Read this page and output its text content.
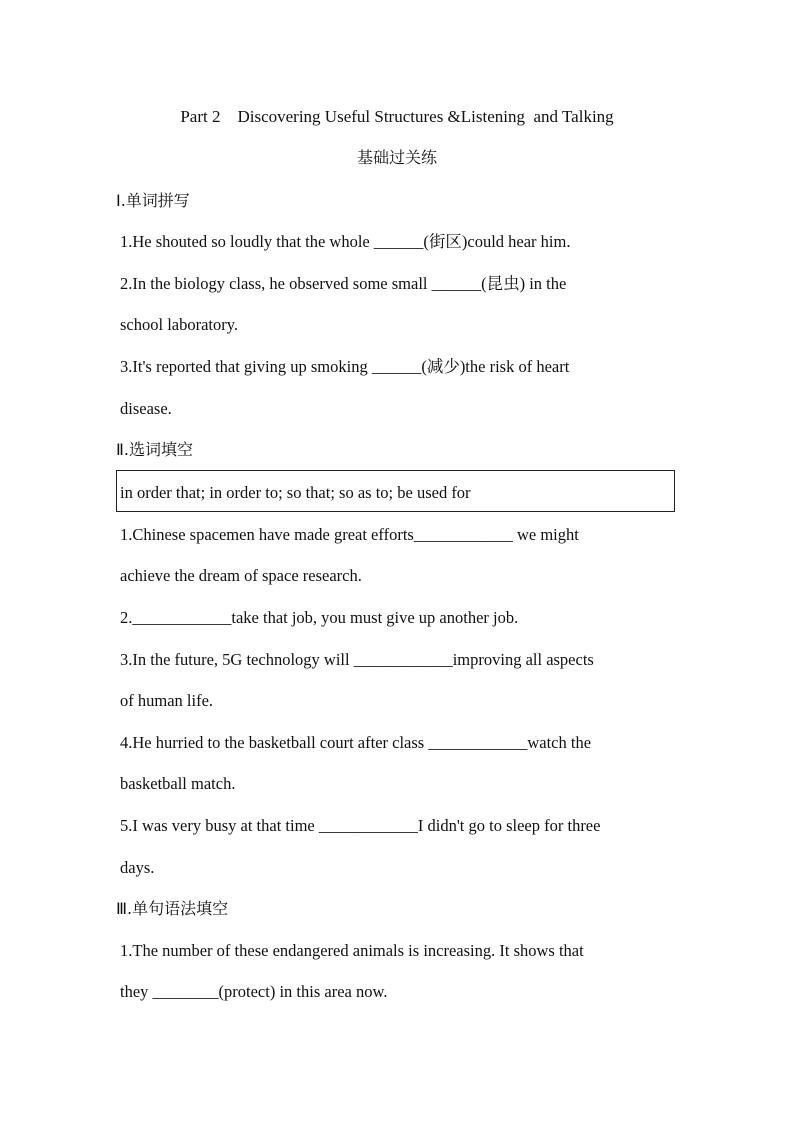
Part 2    Discovering Useful Structures &Listening  and Talking
基础过关练
Ⅰ.单词拼写
1.He shouted so loudly that the whole ______(街区)could hear him.
2.In the biology class, he observed some small ______(昆虫) in the
school laboratory.
3.It's reported that giving up smoking ______(减少)the risk of heart
disease.
Ⅱ.选词填空
in order that; in order to; so that; so as to; be used for
1.Chinese spacemen have made great efforts____________ we might
achieve the dream of space research.
2.____________take that job, you must give up another job.
3.In the future, 5G technology will ____________improving all aspects
of human life.
4.He hurried to the basketball court after class ____________watch the
basketball match.
5.I was very busy at that time ____________I didn't go to sleep for three
days.
Ⅲ.单句语法填空
1.The number of these endangered animals is increasing. It shows that
they ________(protect) in this area now.
